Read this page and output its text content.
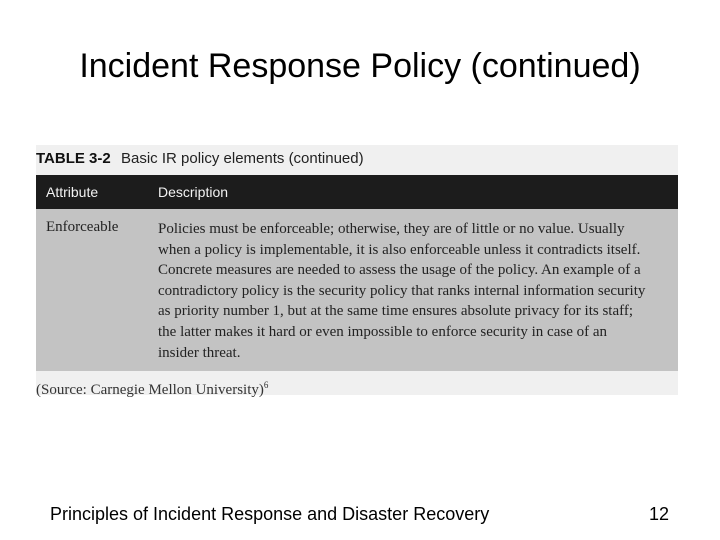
Incident Response Policy (continued)
TABLE 3-2 Basic IR policy elements (continued)
Attribute	Description
Enforceable	Policies must be enforceable; otherwise, they are of little or no value. Usually
when a policy is implementable, it is also enforceable unless it contradicts itself.
Concrete measures are needed to assess the usage of the policy. An example of a
contradictory policy is the security policy that ranks internal information security
as priority number 1, but at the same time ensures absolute privacy for its staff;
the latter makes it hard or even impossible to enforce security in case of an
insider threat.
(Source: Carnegie Mellon University)$^6$
Principles of Incident Response and Disaster Recovery	12
